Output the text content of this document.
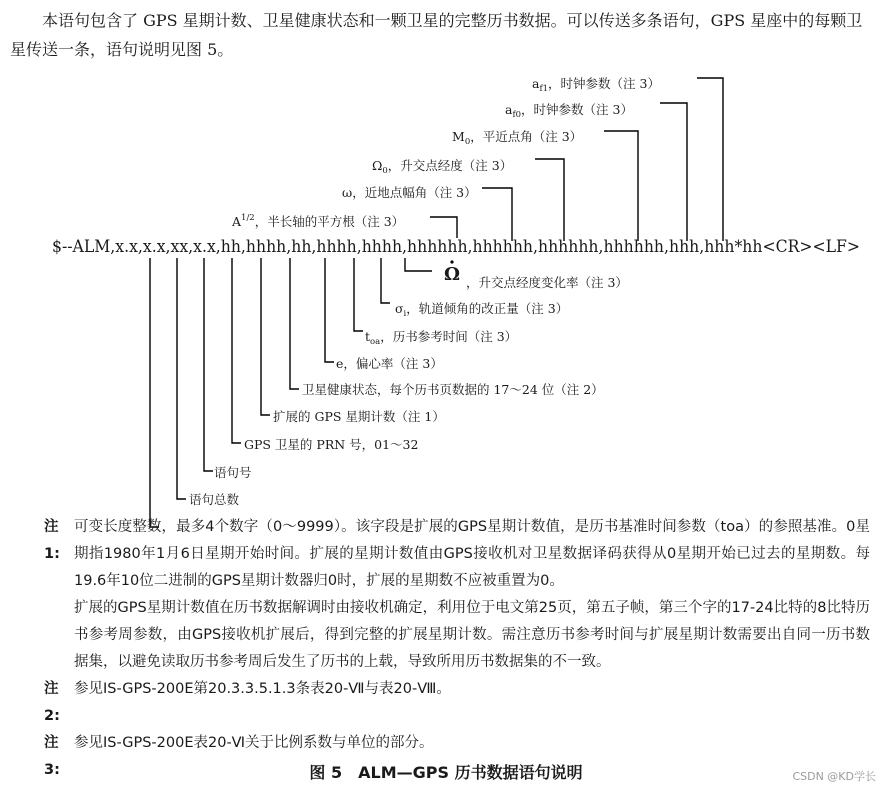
本语句包含了 GPS 星期计数、卫星健康状态和一颗卫星的完整历书数据。可以传送多条语句，GPS 星座中的每颗卫星传送一条，语句说明见图 5。
$--ALM,x.x,x.x,xx,x.x,hh,hhhh,hh,hhhh,hhhh,hhhhhh,hhhhhh,hhhhhh,hhhhhh,hhh,hhh*hh<CR><LF>
$a_{f1}$，时钟参数（注 3）
$a_{f0}$，时钟参数（注 3）
$M_0$，平近点角（注 3）
$\Omega_0$，升交点经度（注 3）
ω，近地点幅角（注 3）
$A^{1/2}$，半长轴的平方根（注 3）
Ω ，升交点经度变化率（注 3）
$\sigma_i$，轨道倾角的改正量（注 3）
$t_{oa}$，历书参考时间（注 3）
e，偏心率（注 3）
卫星健康状态，每个历书页数据的 17～24 位（注 2）
扩展的 GPS 星期计数（注 1）
GPS 卫星的 PRN 号，01～32
语句号
语句总数
注1:
可变长度整数，最多4个数字（0～9999）。该字段是扩展的GPS星期计数值，是历书基准时间参数（toa）的参照基准。0星期指1980年1月6日星期开始时间。扩展的星期计数值由GPS接收机对卫星数据译码获得从0星期开始已过去的星期数。每19.6年10位二进制的GPS星期计数器归0时，扩展的星期数不应被重置为0。
扩展的GPS星期计数值在历书数据解调时由接收机确定，利用位于电文第25页，第五子帧，第三个字的17-24比特的8比特历书参考周参数，由GPS接收机扩展后，得到完整的扩展星期计数。需注意历书参考时间与扩展星期计数需要出自同一历书数据集，以避免读取历书参考周后发生了历书的上载，导致所用历书数据集的不一致。
注2:
参见IS-GPS-200E第20.3.3.5.1.3条表20-Ⅶ与表20-Ⅷ。
注3:
参见IS-GPS-200E表20-Ⅵ关于比例系数与单位的部分。
图 5　ALM—GPS 历书数据语句说明	CSDN @KD学长
